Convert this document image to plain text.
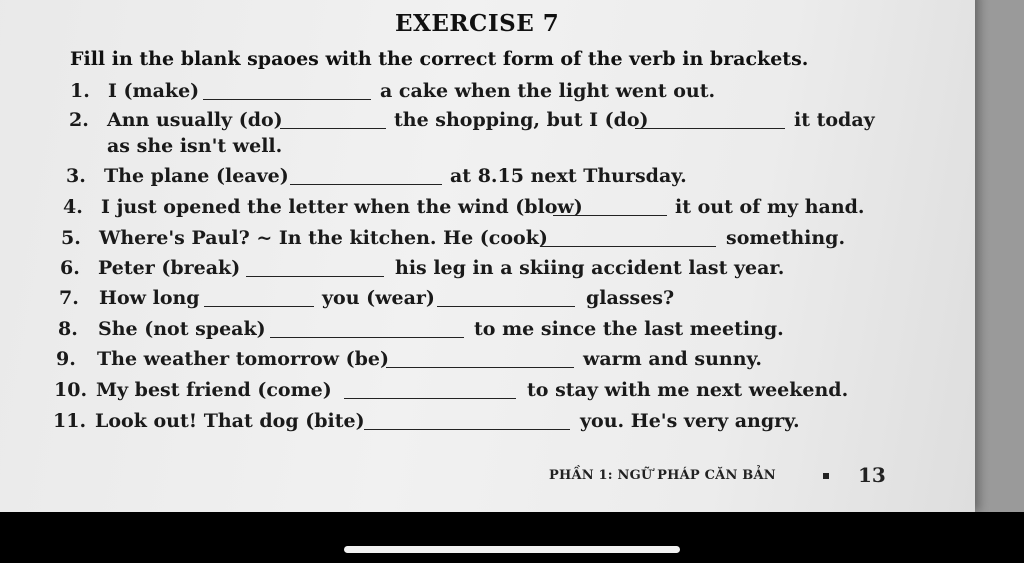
EXERCISE 7
Fill in the blank spaoes with the correct form of the verb in brackets.
1. I (make)	a cake when the light went out.
2. Ann usually (do)	the shopping, but I (do)	it today
as she isn't well.
3. The plane (leave)	at 8.15 next Thursday.
4. I just opened the letter when the wind (blow)	it out of my hand.
5. Where's Paul? ~ In the kitchen. He (cook)	something.
6. Peter (break)	his leg in a skiing accident last year.
7. How long	you (wear)	glasses?
8. She (not speak)	to me since the last meeting.
9. The weather tomorrow (be)	warm and sunny.
10. My best friend (come)	to stay with me next weekend.
11. Look out! That dog (bite)	you. He's very angry.
PHẦN 1: NGỮ PHÁP CĂN BẢN	13
